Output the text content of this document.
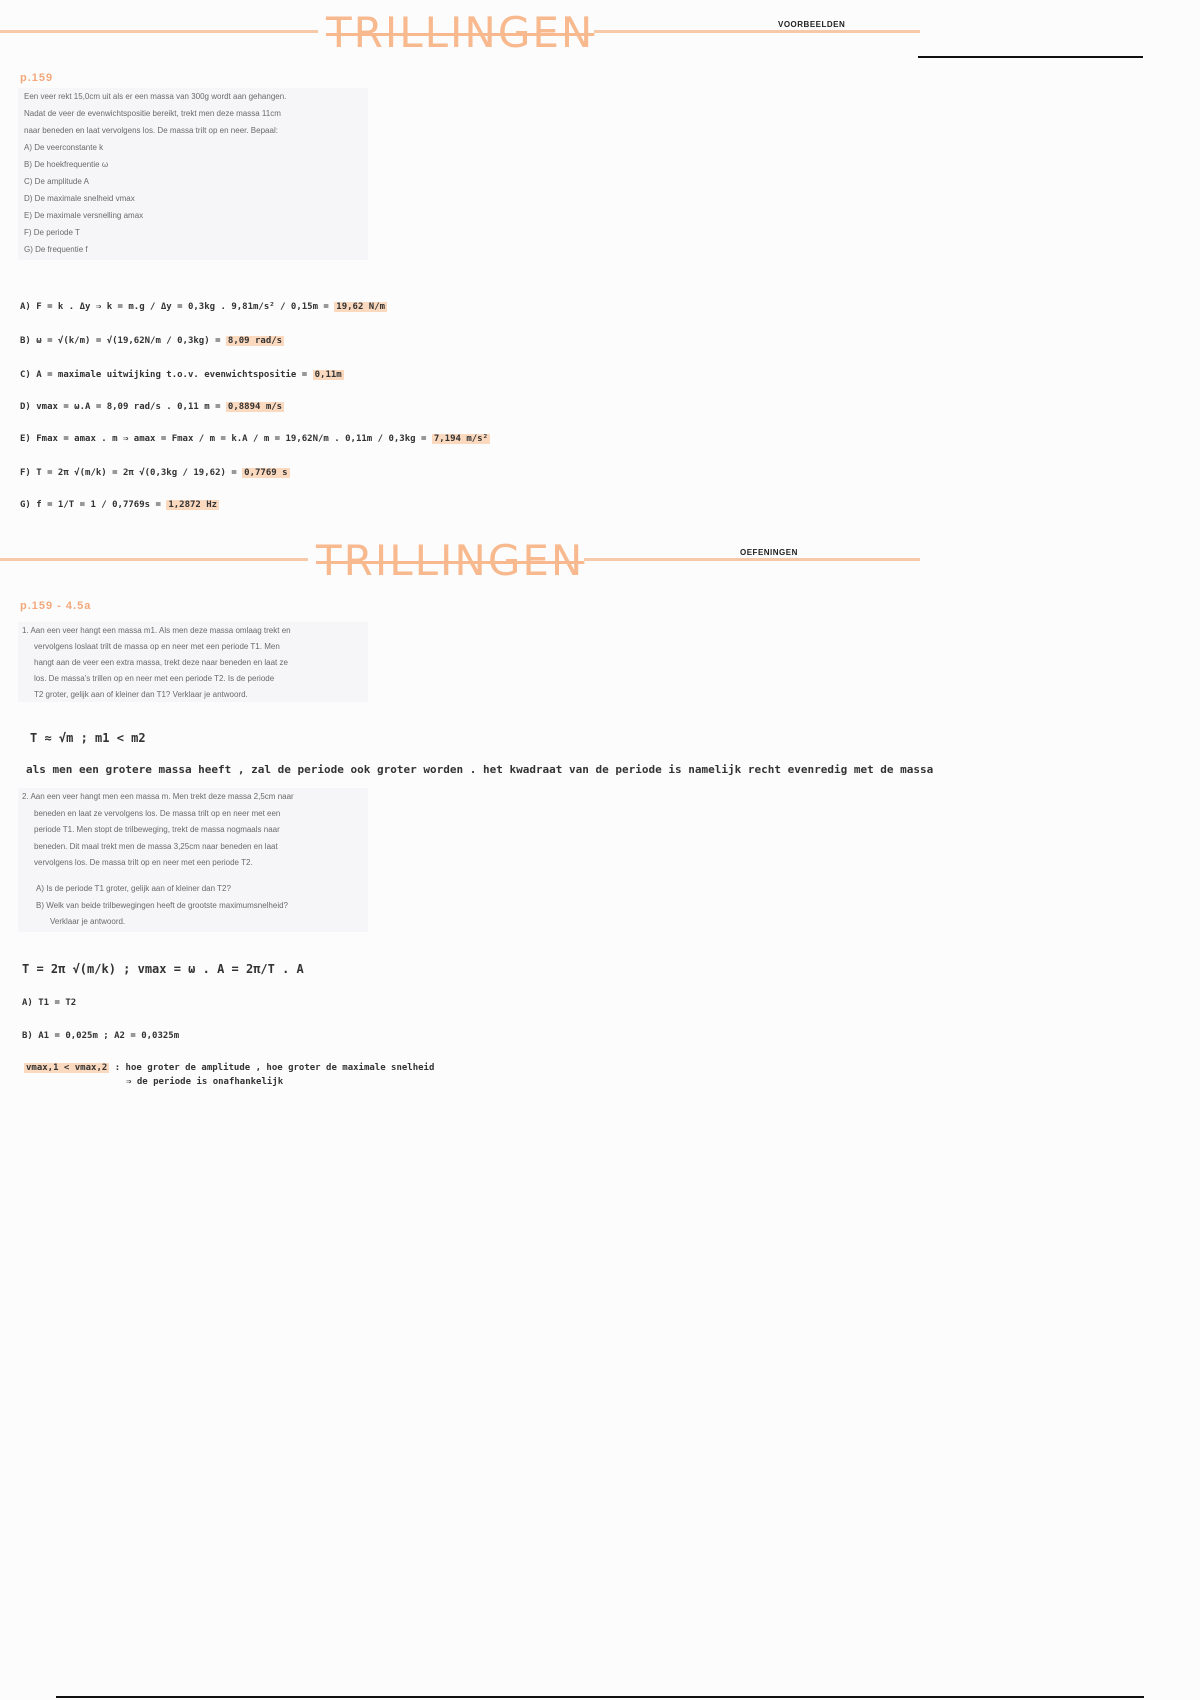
TRILLINGEN	VOORBEELDEN
p.159
Een veer rekt 15,0cm uit als er een massa van 300g wordt aan gehangen.
Nadat de veer de evenwichtspositie bereikt, trekt men deze massa 11cm
naar beneden en laat vervolgens los. De massa trilt op en neer. Bepaal:
A) De veerconstante k
B) De hoekfrequentie ω
C) De amplitude A
D) De maximale snelheid vmax
E) De maximale versnelling amax
F) De periode T
G) De frequentie f
A) F = k . Δy ⇒ k = m.g / Δy = 0,3kg . 9,81m/s² / 0,15m = 19,62 N/m
B) ω = √(k/m) = √(19,62N/m / 0,3kg) = 8,09 rad/s
C) A = maximale uitwijking t.o.v. evenwichtspositie = 0,11m
D) vmax = ω.A = 8,09 rad/s . 0,11 m = 0,8894 m/s
E) Fmax = amax . m ⇒ amax = Fmax / m = k.A / m = 19,62N/m . 0,11m / 0,3kg = 7,194 m/s²
F) T = 2π √(m/k) = 2π √(0,3kg / 19,62) = 0,7769 s
G) f = 1/T = 1 / 0,7769s = 1,2872 Hz
TRILLINGEN	OEFENINGEN
p.159 - 4.5a
1. Aan een veer hangt een massa m1. Als men deze massa omlaag trekt en
vervolgens loslaat trilt de massa op en neer met een periode T1. Men
hangt aan de veer een extra massa, trekt deze naar beneden en laat ze
los. De massa's trillen op en neer met een periode T2. Is de periode
T2 groter, gelijk aan of kleiner dan T1? Verklaar je antwoord.
T ≈ √m ; m1 < m2
als men een grotere massa heeft , zal de periode ook groter worden . het kwadraat van de periode is namelijk recht evenredig met de massa
2. Aan een veer hangt men een massa m. Men trekt deze massa 2,5cm naar
beneden en laat ze vervolgens los. De massa trilt op en neer met een
periode T1. Men stopt de trilbeweging, trekt de massa nogmaals naar
beneden. Dit maal trekt men de massa 3,25cm naar beneden en laat
vervolgens los. De massa trilt op en neer met een periode T2.
A) Is de periode T1 groter, gelijk aan of kleiner dan T2?
B) Welk van beide trilbewegingen heeft de grootste maximumsnelheid?
Verklaar je antwoord.
T = 2π √(m/k) ; vmax = ω . A = 2π/T . A
A) T1 = T2
B) A1 = 0,025m ; A2 = 0,0325m
vmax,1 < vmax,2 : hoe groter de amplitude , hoe groter de maximale snelheid
⇒ de periode is onafhankelijk
